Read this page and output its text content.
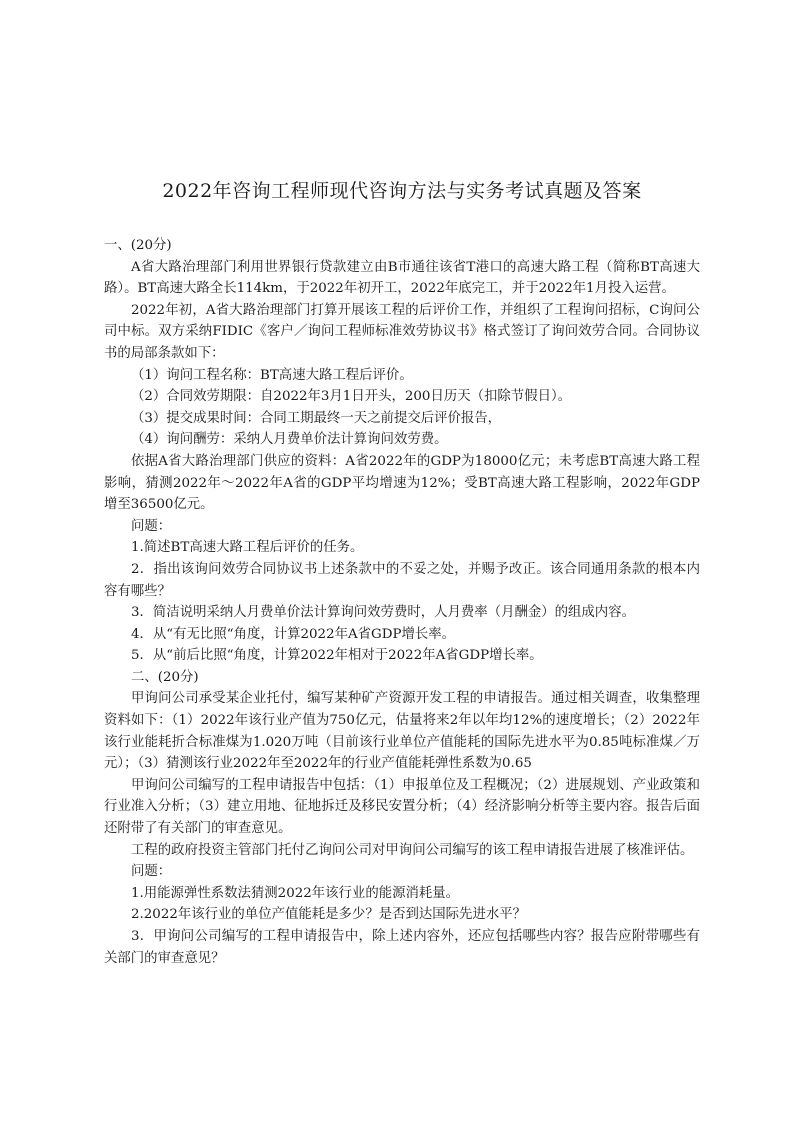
2022年咨询工程师现代咨询方法与实务考试真题及答案

一、(20分)

A省大路治理部门利用世界银行贷款建立由B市通往该省T港口的高速大路工程（简称BT高速大路）。BT高速大路全长114km，于2022年初开工，2022年底完工，并于2022年1月投入运营。

2022年初，A省大路治理部门打算开展该工程的后评价工作，并组织了工程询问招标，C询问公司中标。双方采纳FIDIC《客户／询问工程师标准效劳协议书》格式签订了询问效劳合同。合同协议书的局部条款如下：

（1）询问工程名称：BT高速大路工程后评价。

（2）合同效劳期限：自2022年3月1日开头，200日历天（扣除节假日）。

（3）提交成果时间：合同工期最终一天之前提交后评价报告，

（4）询问酬劳：采纳人月费单价法计算询问效劳费。

依据A省大路治理部门供应的资料：A省2022年的GDP为18000亿元；未考虑BT高速大路工程影响，猜测2022年～2022年A省的GDP平均增速为12%；受BT高速大路工程影响，2022年GDP增至36500亿元。

问题：

1.简述BT高速大路工程后评价的任务。

2．指出该询问效劳合同协议书上述条款中的不妥之处，并赐予改正。该合同通用条款的根本内容有哪些？

3．简洁说明采纳人月费单价法计算询问效劳费时，人月费率（月酬金）的组成内容。

4．从“有无比照“角度，计算2022年A省GDP增长率。

5．从“前后比照“角度，计算2022年相对于2022年A省GDP增长率。

二、(20分)

甲询问公司承受某企业托付，编写某种矿产资源开发工程的申请报告。通过相关调查，收集整理资料如下：（1）2022年该行业产值为750亿元，估量将来2年以年均12%的速度增长；（2）2022年该行业能耗折合标准煤为1.020万吨（目前该行业单位产值能耗的国际先进水平为0.85吨标准煤／万元）；（3）猜测该行业2022年至2022年的行业产值能耗弹性系数为0.65

甲询问公司编写的工程申请报告中包括：（1）申报单位及工程概况；（2）进展规划、产业政策和行业准入分析；（3）建立用地、征地拆迁及移民安置分析；（4）经济影响分析等主要内容。报告后面还附带了有关部门的审查意见。

工程的政府投资主管部门托付乙询问公司对甲询问公司编写的该工程申请报告进展了核准评估。

问题：

1.用能源弹性系数法猜测2022年该行业的能源消耗量。

2.2022年该行业的单位产值能耗是多少？是否到达国际先进水平？

3．甲询问公司编写的工程申请报告中，除上述内容外，还应包括哪些内容？报告应附带哪些有关部门的审查意见？
